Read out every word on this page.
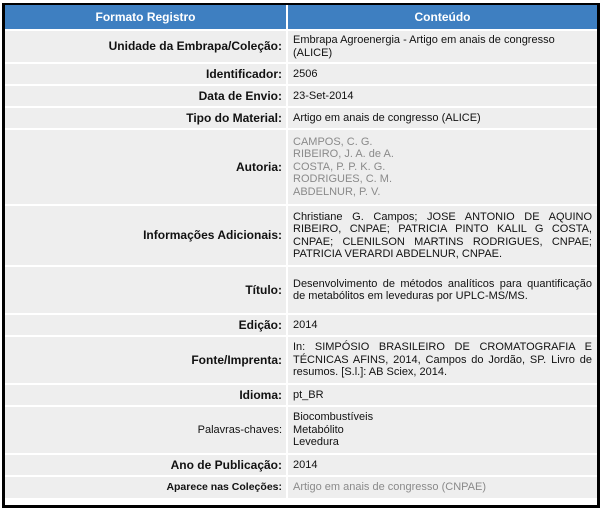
Formato Registro	Conteúdo
Unidade da Embrapa/Coleção:	Embrapa Agroenergia - Artigo em anais de congresso (ALICE)
Identificador:	2506
Data de Envio:	23-Set-2014
Tipo do Material:	Artigo em anais de congresso (ALICE)
Autoria:	CAMPOS, C. G.
RIBEIRO, J. A. de A.
COSTA, P. P. K. G.
RODRIGUES, C. M.
ABDELNUR, P. V.

Informações Adicionais:	Christiane G. Campos; JOSE ANTONIO DE AQUINO RIBEIRO, CNPAE; PATRICIA PINTO KALIL G COSTA, CNPAE; CLENILSON MARTINS RODRIGUES, CNPAE; PATRICIA VERARDI ABDELNUR, CNPAE.
Título:	Desenvolvimento de métodos analíticos para quantificação de metabólitos em leveduras por UPLC-MS/MS.
Edição:	2014
Fonte/Imprenta:	In: SIMPÓSIO BRASILEIRO DE CROMATOGRAFIA E TÉCNICAS AFINS, 2014, Campos do Jordão, SP. Livro de resumos. [S.l.]: AB Sciex, 2014.
Idioma:	pt_BR
Palavras-chaves:	Biocombustíveis
Metabólito
Levedura

Ano de Publicação:	2014
Aparece nas Coleções:	Artigo em anais de congresso (CNPAE)
